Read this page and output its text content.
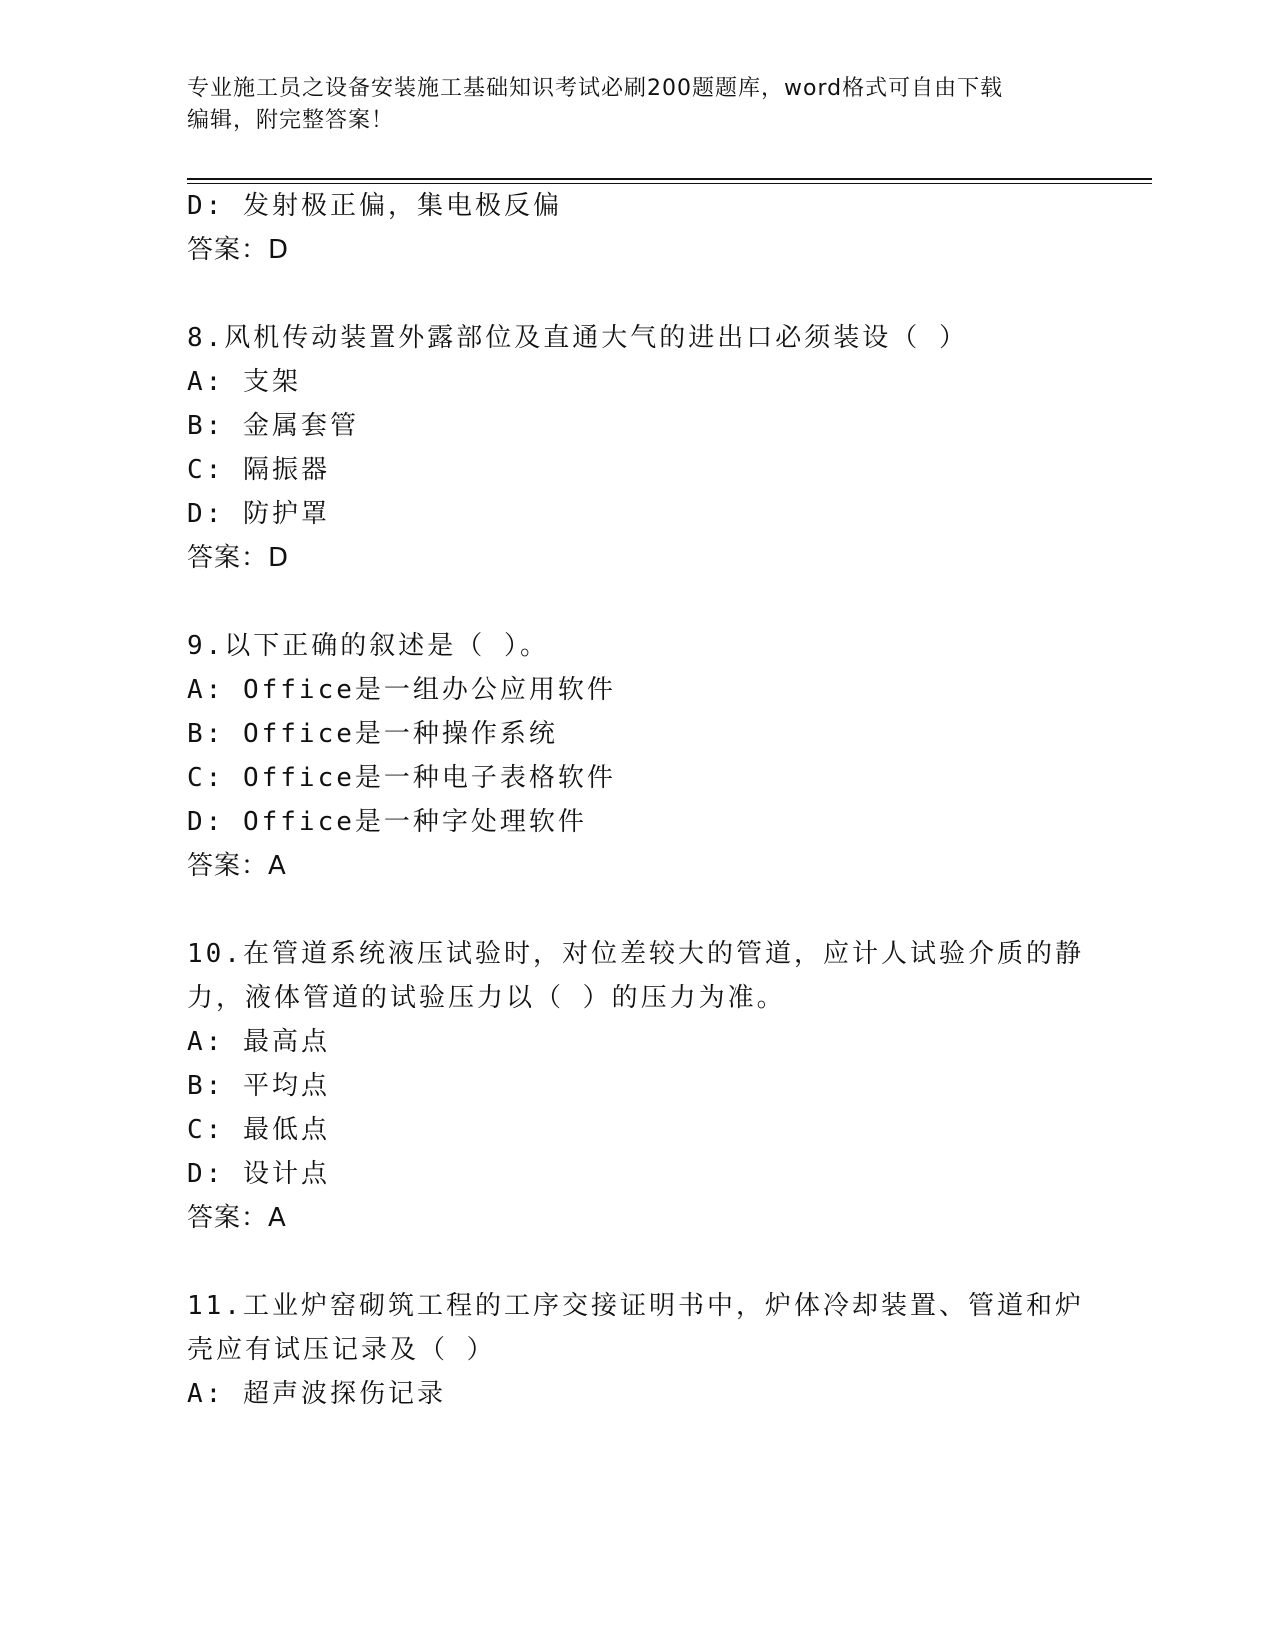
专业施工员之设备安装施工基础知识考试必刷200题题库，word格式可自由下载
编辑，附完整答案！
D: 发射极正偏，集电极反偏
答案：D
8.风机传动装置外露部位及直通大气的进出口必须装设（ ）
A: 支架
B: 金属套管
C: 隔振器
D: 防护罩
答案：D
9.以下正确的叙述是（ ）。
A: Office是一组办公应用软件
B: Office是一种操作系统
C: Office是一种电子表格软件
D: Office是一种字处理软件
答案：A
10.在管道系统液压试验时，对位差较大的管道，应计人试验介质的静
力，液体管道的试验压力以（ ）的压力为准。
A: 最高点
B: 平均点
C: 最低点
D: 设计点
答案：A
11.工业炉窑砌筑工程的工序交接证明书中，炉体冷却装置、管道和炉
壳应有试压记录及（ ）
A: 超声波探伤记录
